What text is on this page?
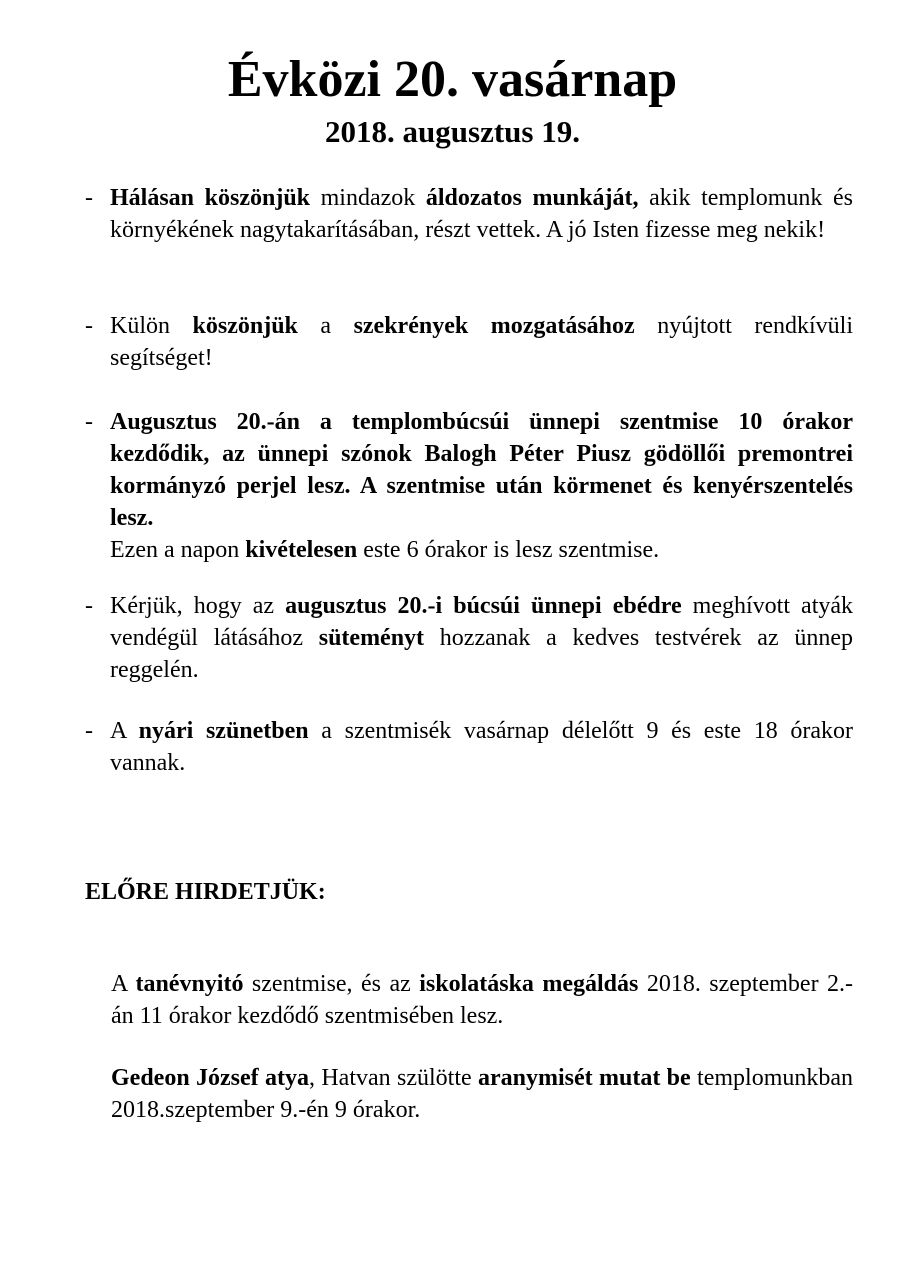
Évközi 20. vasárnap
2018. augusztus 19.
- Hálásan köszönjük mindazok áldozatos munkáját, akik templomunk és környékének nagytakarításában, részt vettek. A jó Isten fizesse meg nekik!
- Külön köszönjük a szekrények mozgatásához nyújtott rendkívüli segítséget!
- Augusztus 20.-án a templombúcsúi ünnepi szentmise 10 órakor kezdődik, az ünnepi szónok Balogh Péter Piusz gödöllői premontrei kormányzó perjel lesz. A szentmise után körmenet és kenyérszentelés lesz.
Ezen a napon kivételesen este 6 órakor is lesz szentmise.
- Kérjük, hogy az augusztus 20.-i búcsúi ünnepi ebédre meghívott atyák vendégül látásához süteményt hozzanak a kedves testvérek az ünnep reggelén.
- A nyári szünetben a szentmisék vasárnap délelőtt 9 és este 18 órakor vannak.
ELŐRE HIRDETJÜK:
A tanévnyitó szentmise, és az iskolatáska megáldás 2018. szeptember 2.-án 11 órakor kezdődő szentmisében lesz.
Gedeon József atya, Hatvan szülötte aranymisét mutat be templomunkban 2018.szeptember 9.-én 9 órakor.
